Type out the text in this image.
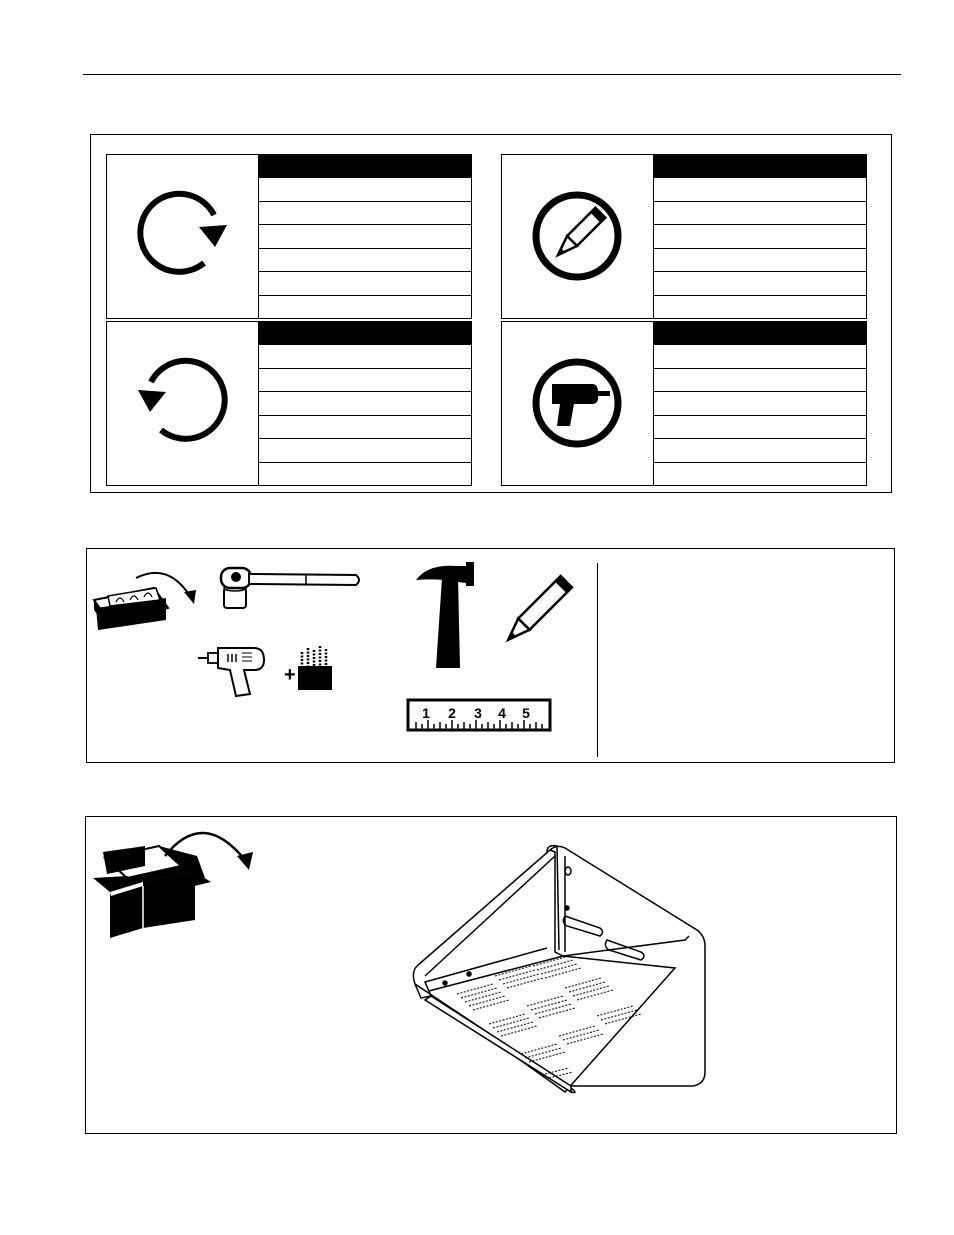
+
1 2 3 4 5
